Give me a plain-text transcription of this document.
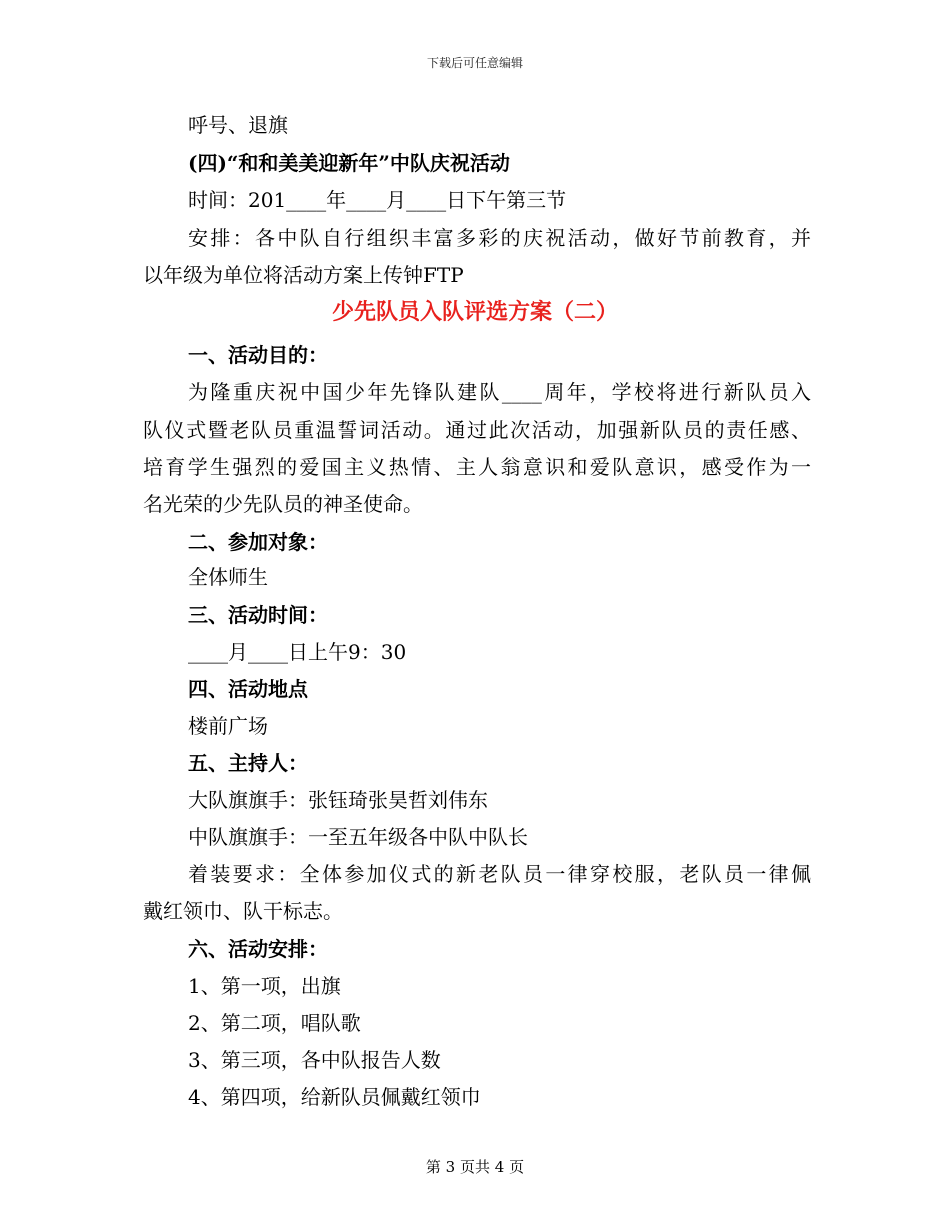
下载后可任意编辑
呼号、退旗
(四)“和和美美迎新年”中队庆祝活动
时间：201____年____月____日下午第三节
安排：各中队自行组织丰富多彩的庆祝活动，做好节前教育，并
以年级为单位将活动方案上传钟FTP
少先队员入队评选方案（二）
一、活动目的：
为隆重庆祝中国少年先锋队建队____周年，学校将进行新队员入
队仪式暨老队员重温誓词活动。通过此次活动，加强新队员的责任感、
培育学生强烈的爱国主义热情、主人翁意识和爱队意识，感受作为一
名光荣的少先队员的神圣使命。
二、参加对象：
全体师生
三、活动时间：
____月____日上午9：30
四、活动地点
楼前广场
五、主持人：
大队旗旗手：张钰琦张昊哲刘伟东
中队旗旗手：一至五年级各中队中队长
着装要求：全体参加仪式的新老队员一律穿校服，老队员一律佩
戴红领巾、队干标志。
六、活动安排：
1、第一项，出旗
2、第二项，唱队歌
3、第三项，各中队报告人数
4、第四项，给新队员佩戴红领巾
第 3 页共 4 页
